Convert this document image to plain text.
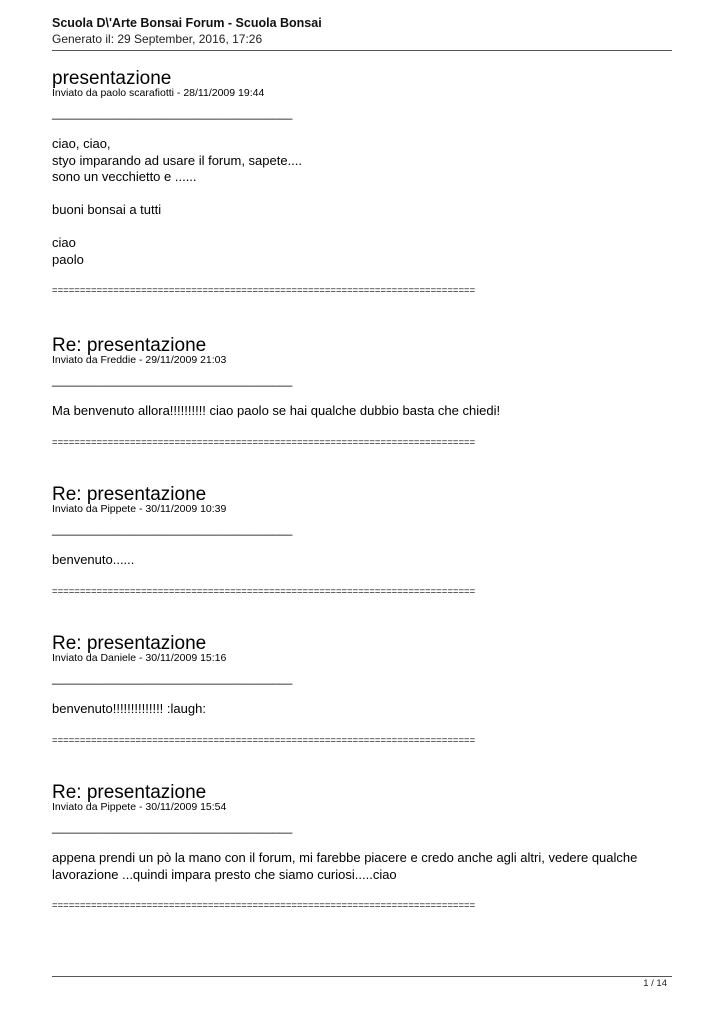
Scuola D\'Arte Bonsai Forum - Scuola Bonsai
Generato il: 29 September, 2016, 17:26
presentazione
Inviato da paolo scarafiotti - 28/11/2009 19:44
____________________________________
ciao, ciao,
styo imparando ad usare il forum, sapete....
sono un vecchietto e ......
buoni bonsai a tutti
ciao
paolo
============================================================================
Re: presentazione
Inviato da Freddie - 29/11/2009 21:03
____________________________________
Ma benvenuto allora!!!!!!!!!! ciao paolo se hai qualche dubbio basta che chiedi!
============================================================================
Re: presentazione
Inviato da Pippete - 30/11/2009 10:39
____________________________________
benvenuto......
============================================================================
Re: presentazione
Inviato da Daniele - 30/11/2009 15:16
____________________________________
benvenuto!!!!!!!!!!!!!! :laugh:
============================================================================
Re: presentazione
Inviato da Pippete - 30/11/2009 15:54
____________________________________
appena prendi un pò la mano con il forum, mi farebbe piacere e credo anche agli altri, vedere qualche
lavorazione ...quindi impara presto che siamo curiosi.....ciao
============================================================================
1 / 14
